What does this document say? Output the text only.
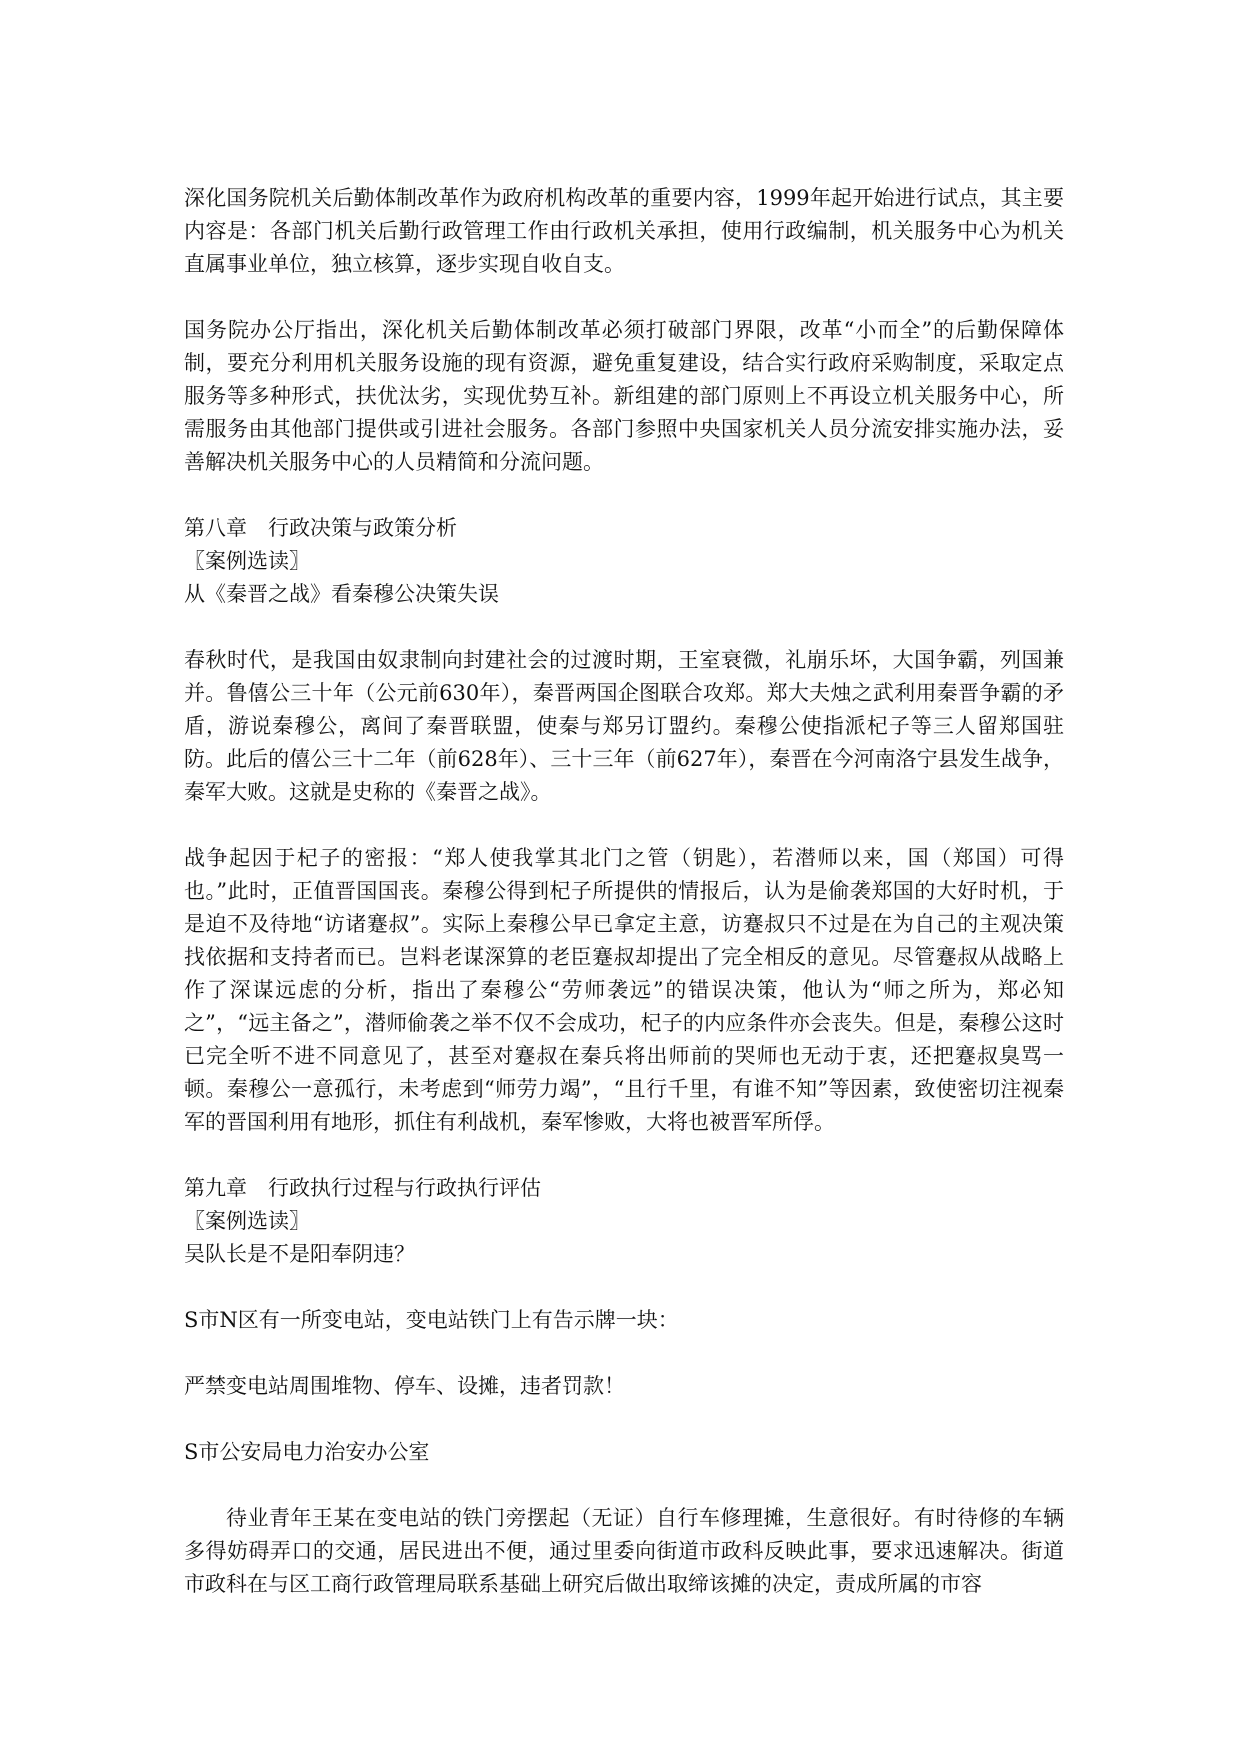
深化国务院机关后勤体制改革作为政府机构改革的重要内容，1999年起开始进行试点，其主要内容是：各部门机关后勤行政管理工作由行政机关承担，使用行政编制，机关服务中心为机关直属事业单位，独立核算，逐步实现自收自支。

国务院办公厅指出，深化机关后勤体制改革必须打破部门界限，改革“小而全”的后勤保障体制，要充分利用机关服务设施的现有资源，避免重复建设，结合实行政府采购制度，采取定点服务等多种形式，扶优汰劣，实现优势互补。新组建的部门原则上不再设立机关服务中心，所需服务由其他部门提供或引进社会服务。各部门参照中央国家机关人员分流安排实施办法，妥善解决机关服务中心的人员精简和分流问题。

第八章　行政决策与政策分析

〖案例选读〗

从《秦晋之战》看秦穆公决策失误

春秋时代，是我国由奴隶制向封建社会的过渡时期，王室衰微，礼崩乐坏，大国争霸，列国兼并。鲁僖公三十年（公元前630年），秦晋两国企图联合攻郑。郑大夫烛之武利用秦晋争霸的矛盾，游说秦穆公，离间了秦晋联盟，使秦与郑另订盟约。秦穆公使指派杞子等三人留郑国驻防。此后的僖公三十二年（前628年）、三十三年（前627年），秦晋在今河南洛宁县发生战争，秦军大败。这就是史称的《秦晋之战》。

战争起因于杞子的密报：“郑人使我掌其北门之管（钥匙），若潜师以来，国（郑国）可得也。”此时，正值晋国国丧。秦穆公得到杞子所提供的情报后，认为是偷袭郑国的大好时机，于是迫不及待地“访诸蹇叔”。实际上秦穆公早已拿定主意，访蹇叔只不过是在为自己的主观决策找依据和支持者而已。岂料老谋深算的老臣蹇叔却提出了完全相反的意见。尽管蹇叔从战略上作了深谋远虑的分析，指出了秦穆公“劳师袭远”的错误决策，他认为“师之所为，郑必知之”，“远主备之”，潜师偷袭之举不仅不会成功，杞子的内应条件亦会丧失。但是，秦穆公这时已完全听不进不同意见了，甚至对蹇叔在秦兵将出师前的哭师也无动于衷，还把蹇叔臭骂一顿。秦穆公一意孤行，未考虑到“师劳力竭”，“且行千里，有谁不知”等因素，致使密切注视秦军的晋国利用有地形，抓住有利战机，秦军惨败，大将也被晋军所俘。

第九章　行政执行过程与行政执行评估

〖案例选读〗

吴队长是不是阳奉阴违？

S市N区有一所变电站，变电站铁门上有告示牌一块：

严禁变电站周围堆物、停车、设摊，违者罚款！

S市公安局电力治安办公室

待业青年王某在变电站的铁门旁摆起（无证）自行车修理摊，生意很好。有时待修的车辆多得妨碍弄口的交通，居民进出不便，通过里委向街道市政科反映此事，要求迅速解决。街道市政科在与区工商行政管理局联系基础上研究后做出取缔该摊的决定，责成所属的市容
